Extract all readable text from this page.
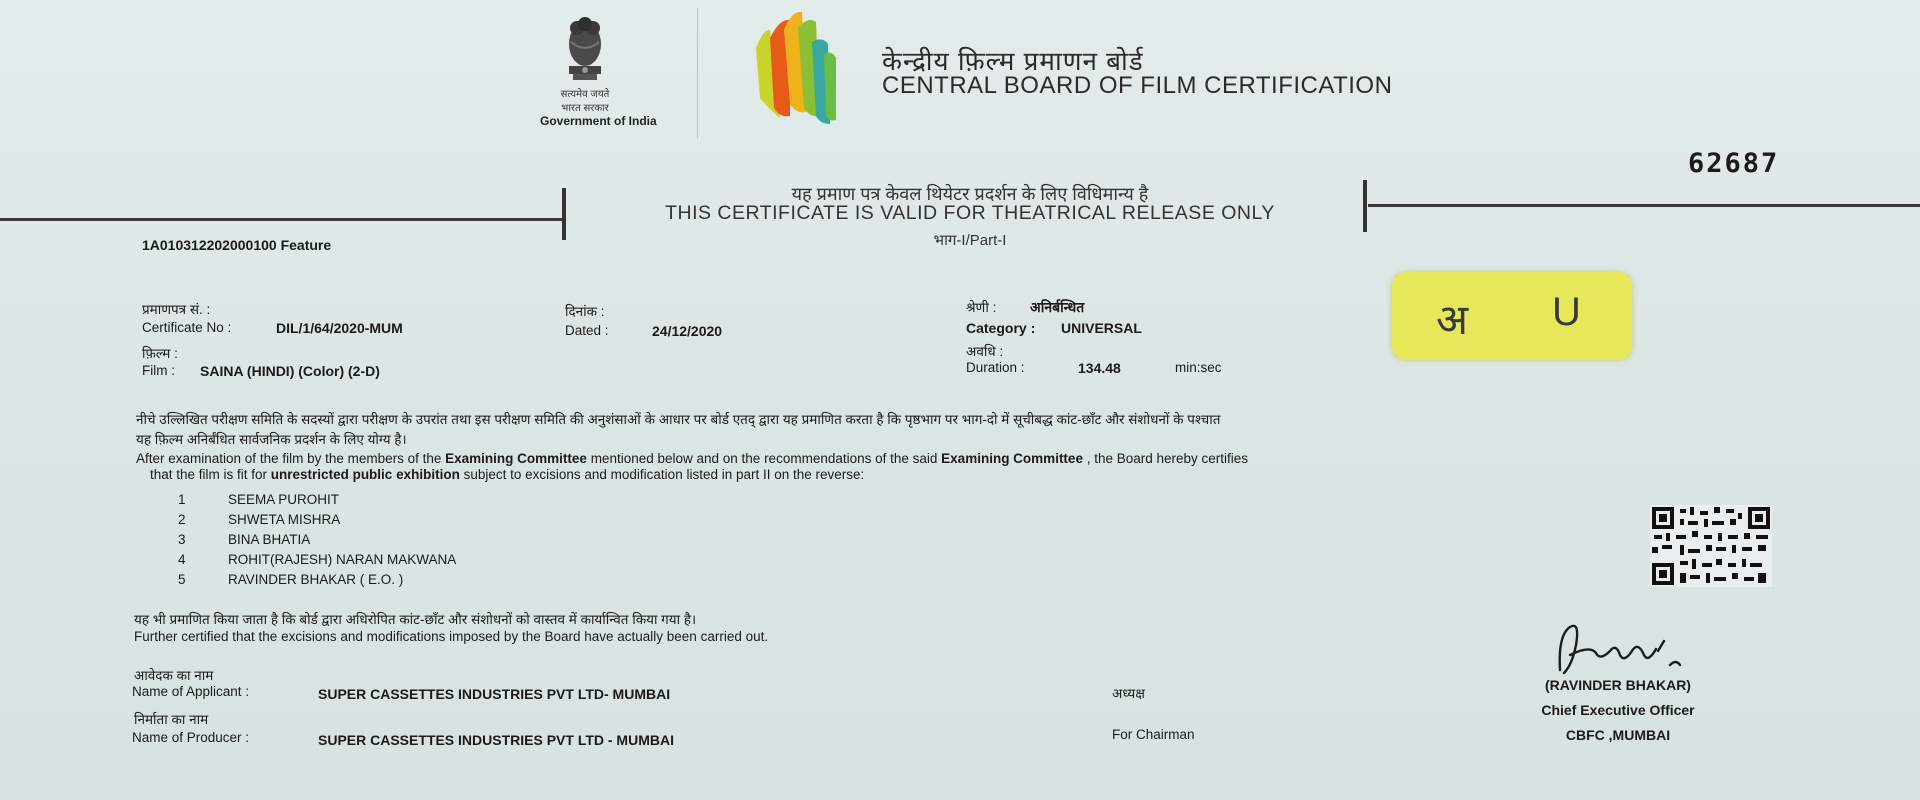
सत्यमेव जयते
भारत सरकार
Government of India
केन्द्रीय फ़िल्म प्रमाणन बोर्ड
CENTRAL BOARD OF FILM CERTIFICATION
62687
यह प्रमाण पत्र केवल थियेटर प्रदर्शन के लिए विधिमान्य है
THIS CERTIFICATE IS VALID FOR THEATRICAL RELEASE ONLY
भाग-I/Part-I
1A010312202000100 Feature
प्रमाणपत्र सं. :
Certificate No :	DIL/1/64/2020-MUM
फ़िल्म :
Film : SAINA (HINDI) (Color) (2-D)
दिनांक :
Dated :	24/12/2020
श्रेणी : अनिर्बन्धित
Category : UNIVERSAL
अवधि :
Duration :	134.48	min:sec
अ U
नीचे उल्लिखित परीक्षण समिति के सदस्यों द्वारा परीक्षण के उपरांत तथा इस परीक्षण समिति की अनुशंसाओं के आधार पर बोर्ड एतद् द्वारा यह प्रमाणित करता है कि पृष्ठभाग पर भाग-दो में सूचीबद्ध कांट-छाँट और संशोधनों के पश्चात
यह फ़िल्म अनिर्बंधित सार्वजनिक प्रदर्शन के लिए योग्य है।
After examination of the film by the members of the Examining Committee mentioned below and on the recommendations of the said Examining Committee , the Board hereby certifies
that the film is fit for unrestricted public exhibition subject to excisions and modification listed in part II on the reverse:
1	SEEMA PUROHIT
2	SHWETA MISHRA
3	BINA BHATIA
4	ROHIT(RAJESH) NARAN MAKWANA
5	RAVINDER BHAKAR ( E.O. )
यह भी प्रमाणित किया जाता है कि बोर्ड द्वारा अधिरोपित कांट-छाँट और संशोधनों को वास्तव में कार्यान्वित किया गया है।
Further certified that the excisions and modifications imposed by the Board have actually been carried out.
आवेदक का नाम
Name of Applicant :	SUPER CASSETTES INDUSTRIES PVT LTD- MUMBAI
निर्माता का नाम
Name of Producer :	SUPER CASSETTES INDUSTRIES PVT LTD - MUMBAI
अध्यक्ष
For Chairman
(RAVINDER BHAKAR)
Chief Executive Officer
CBFC ,MUMBAI
